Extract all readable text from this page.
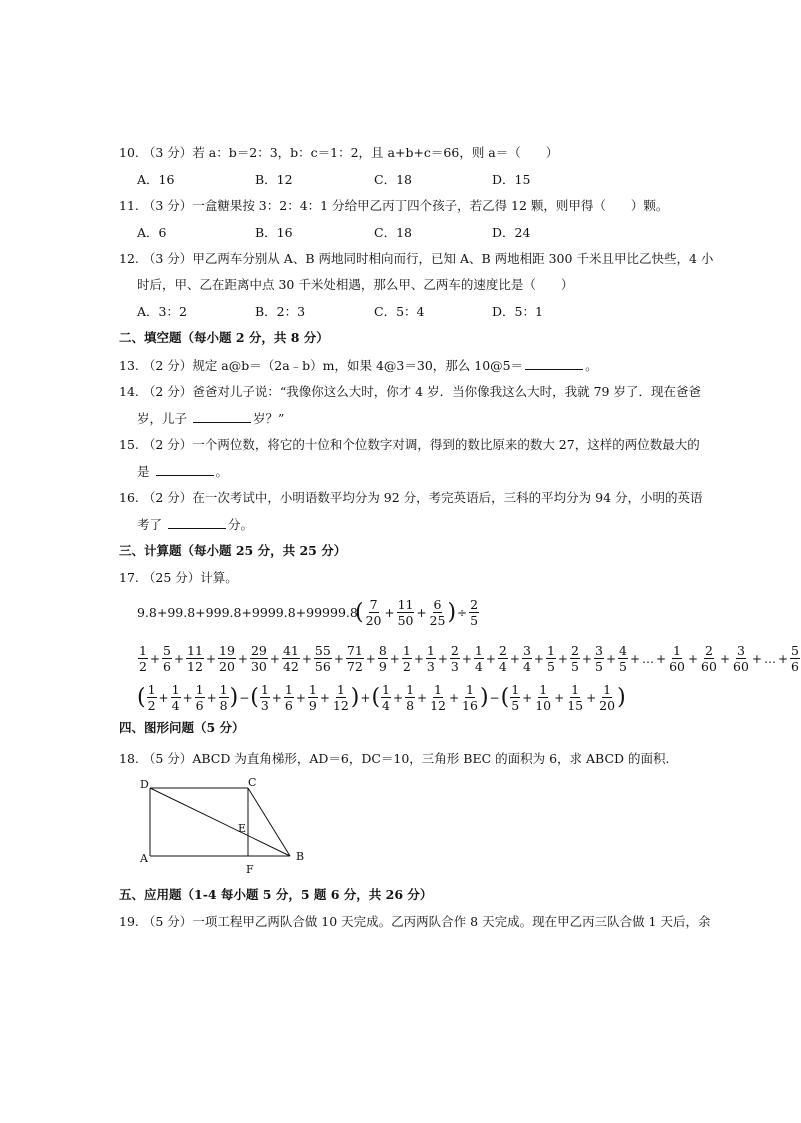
10. （3 分）若 a：b＝2：3，b：c＝1：2，且 a+b+c＝66，则 a＝（　　）
A．16	B．12	C．18	D．15
11. （3 分）一盒糖果按 3：2：4：1 分给甲乙丙丁四个孩子，若乙得 12 颗，则甲得（　　）颗。
A．6	B．16	C．18	D．24
12. （3 分）甲乙两车分别从 A、B 两地同时相向而行，已知 A、B 两地相距 300 千米且甲比乙快些，4 小
时后，甲、乙在距离中点 30 千米处相遇，那么甲、乙两车的速度比是（　　）
A．3：2	B．2：3	C．5：4	D．5：1
二、填空题（每小题 2 分，共 8 分）
13. （2 分）规定 a@b＝（2a﹣b）m，如果 4@3＝30，那么 10@5＝	。
14. （2 分）爸爸对儿子说：“我像你这么大时，你才 4 岁．当你像我这么大时，我就 79 岁了．现在爸爸
岁，儿子	岁？”
15. （2 分）一个两位数，将它的十位和个位数字对调，得到的数比原来的数大 27，这样的两位数最大的
是	。
16. （2 分）在一次考试中，小明语数平均分为 92 分，考完英语后，三科的平均分为 94 分，小明的英语
考了	分。
三、计算题（每小题 25 分，共 25 分）
17. （25 分）计算。
9.8+99.8+999.8+9999.8+99999.8
( $\frac{7}{20} + \frac{11}{50} + \frac{6}{25}$ ) ÷ $\frac{2}{5}$
$\frac{1}{2} + \frac{5}{6} + \frac{11}{12} + \frac{19}{20} + \frac{29}{30} + \frac{41}{42} + \frac{55}{56} + \frac{71}{72} + \frac{8}{9} + \frac{1}{2} + \frac{1}{3} + \frac{2}{3} + \frac{1}{4} + \frac{2}{4} + \frac{3}{4} + \frac{1}{5} + \frac{2}{5} + \frac{3}{5} + \frac{4}{5}$ + … + $\frac{1}{60} + \frac{2}{60} + \frac{3}{60}$ + … + $\frac{5}{6}$
( $\frac{1}{2} + \frac{1}{4} + \frac{1}{6} + \frac{1}{8}$ ) − ( $\frac{1}{3} + \frac{1}{6} + \frac{1}{9} + \frac{1}{12}$ ) + ( $\frac{1}{4} + \frac{1}{8} + \frac{1}{12} + \frac{1}{16}$ ) − ( $\frac{1}{5} + \frac{1}{10} + \frac{1}{15} + \frac{1}{20}$ )
四、图形问题（5 分）
18. （5 分）ABCD 为直角梯形，AD＝6，DC＝10，三角形 BEC 的面积为 6，求 ABCD 的面积.
D	C
E
A
F
B
五、应用题（1-4 每小题 5 分，5 题 6 分，共 26 分）
19. （5 分）一项工程甲乙两队合做 10 天完成。乙丙两队合作 8 天完成。现在甲乙丙三队合做 1 天后，余
